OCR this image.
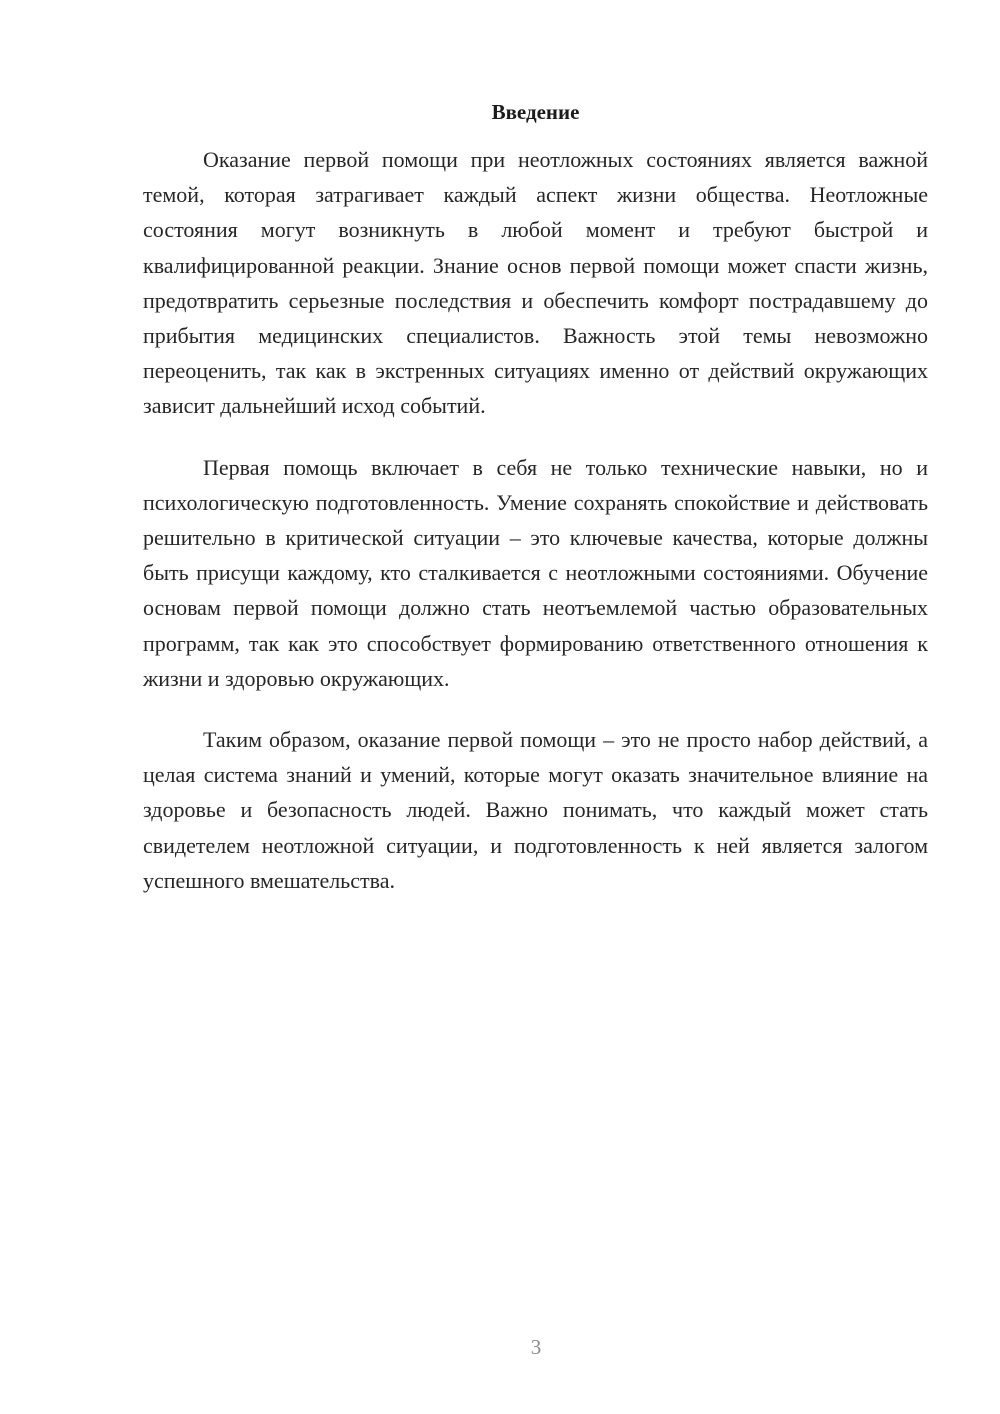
Введение

Оказание первой помощи при неотложных состояниях является важной темой, которая затрагивает каждый аспект жизни общества. Неотложные состояния могут возникнуть в любой момент и требуют быстрой и квалифицированной реакции. Знание основ первой помощи может спасти жизнь, предотвратить серьезные последствия и обеспечить комфорт пострадавшему до прибытия медицинских специалистов. Важность этой темы невозможно переоценить, так как в экстренных ситуациях именно от действий окружающих зависит дальнейший исход событий.

Первая помощь включает в себя не только технические навыки, но и психологическую подготовленность. Умение сохранять спокойствие и действовать решительно в критической ситуации – это ключевые качества, которые должны быть присущи каждому, кто сталкивается с неотложными состояниями. Обучение основам первой помощи должно стать неотъемлемой частью образовательных программ, так как это способствует формированию ответственного отношения к жизни и здоровью окружающих.

Таким образом, оказание первой помощи – это не просто набор действий, а целая система знаний и умений, которые могут оказать значительное влияние на здоровье и безопасность людей. Важно понимать, что каждый может стать свидетелем неотложной ситуации, и подготовленность к ней является залогом успешного вмешательства.

3
